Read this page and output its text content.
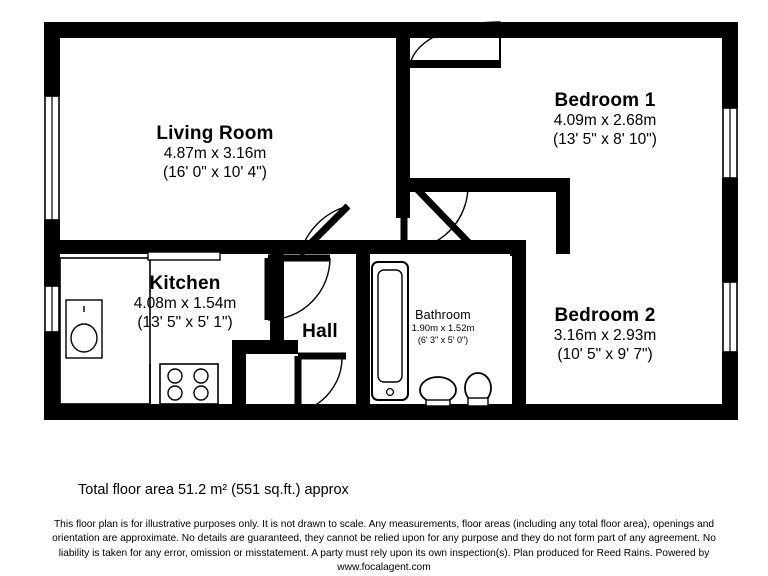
Living Room
4.87m x 3.16m
(16' 0" x 10' 4")
Kitchen
4.08m x 1.54m
(13' 5" x 5' 1")	Hall
Bathroom
1.90m x 1.52m
(6' 3" x 5' 0")
Bedroom 1
4.09m x 2.68m
(13' 5" x 8' 10")
Bedroom 2
3.16m x 2.93m
(10' 5" x 9' 7")
Total floor area 51.2 m² (551 sq.ft.) approx
This floor plan is for illustrative purposes only. It is not drawn to scale. Any measurements, floor areas (including any total floor area), openings and
orientation are approximate. No details are guaranteed, they cannot be relied upon for any purpose and they do not form part of any agreement. No
liability is taken for any error, omission or misstatement. A party must rely upon its own inspection(s). Plan produced for Reed Rains. Powered by
www.focalagent.com
